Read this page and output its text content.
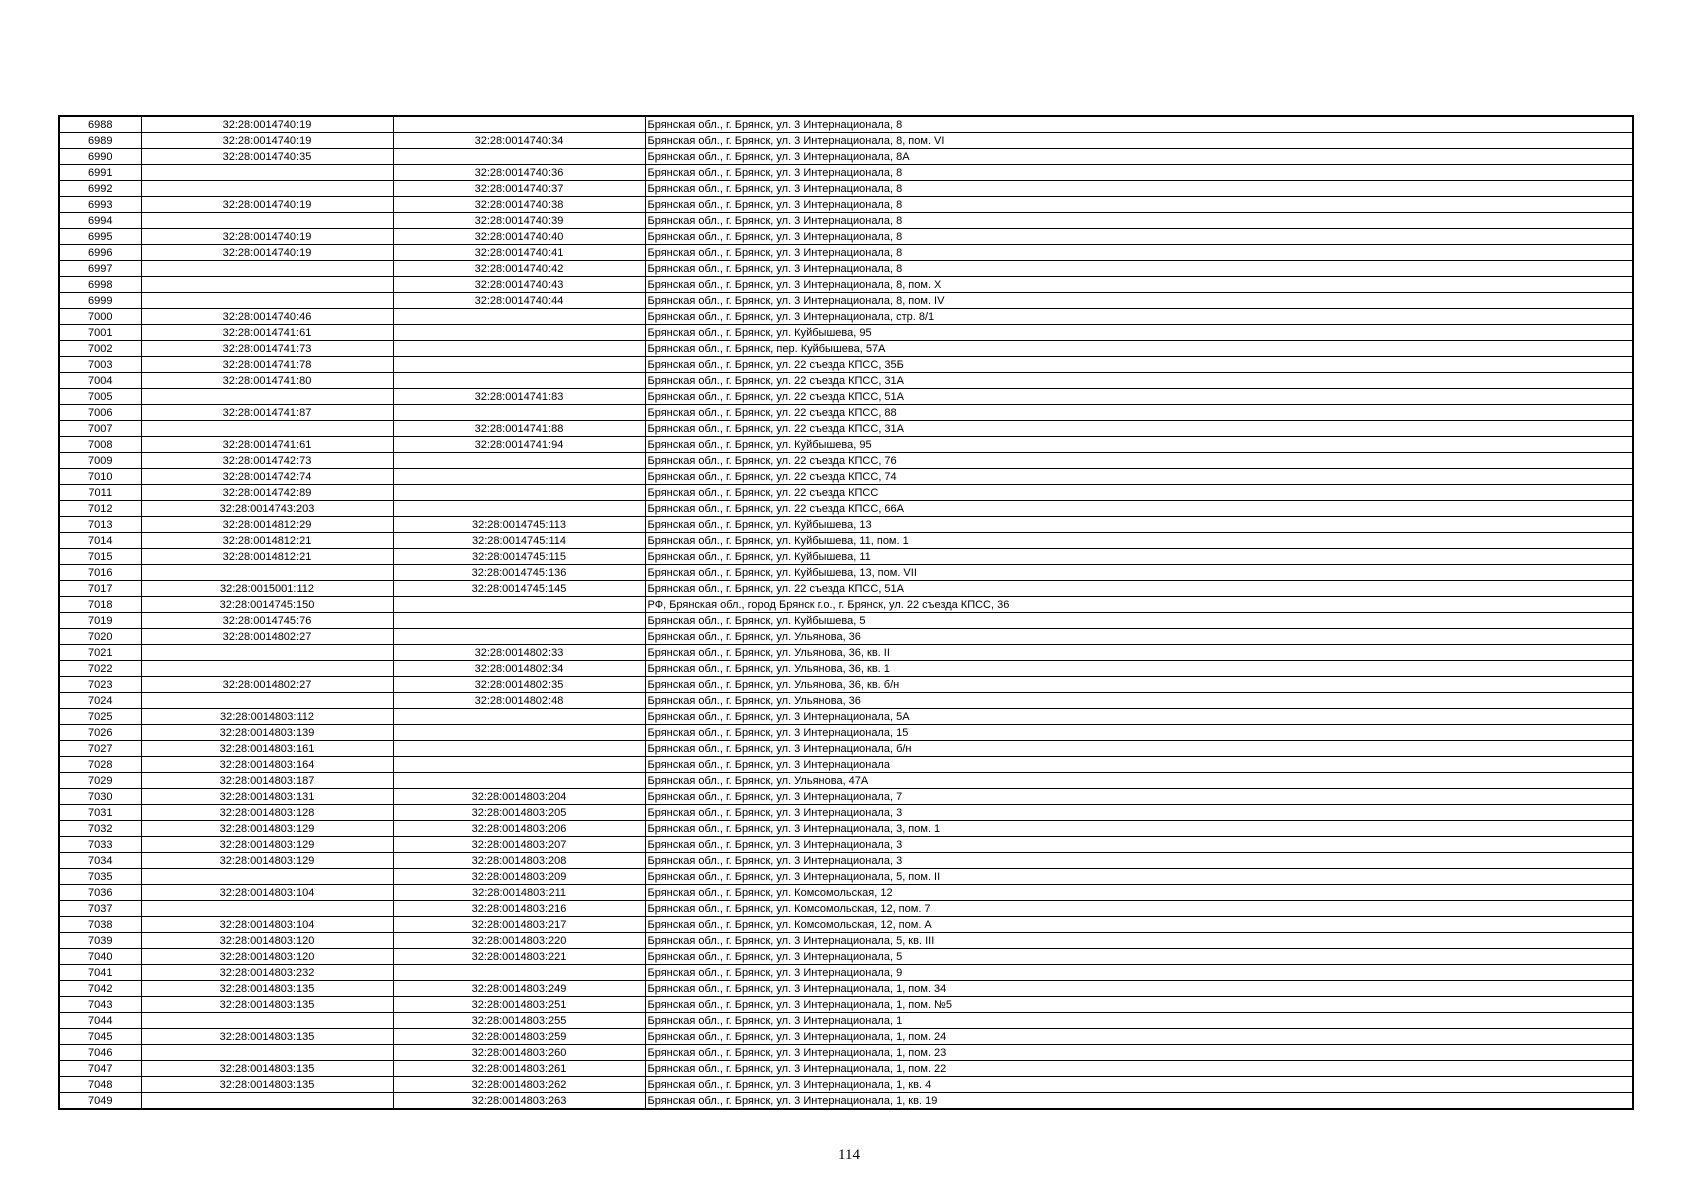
6988	32:28:0014740:19		Брянская обл., г. Брянск, ул. 3 Интернационала, 8
6989	32:28:0014740:19	32:28:0014740:34	Брянская обл., г. Брянск, ул. 3 Интернационала, 8, пом. VI
6990	32:28:0014740:35		Брянская обл., г. Брянск, ул. 3 Интернационала, 8А
6991		32:28:0014740:36	Брянская обл., г. Брянск, ул. 3 Интернационала, 8
6992		32:28:0014740:37	Брянская обл., г. Брянск, ул. 3 Интернационала, 8
6993	32:28:0014740:19	32:28:0014740:38	Брянская обл., г. Брянск, ул. 3 Интернационала, 8
6994		32:28:0014740:39	Брянская обл., г. Брянск, ул. 3 Интернационала, 8
6995	32:28:0014740:19	32:28:0014740:40	Брянская обл., г. Брянск, ул. 3 Интернационала, 8
6996	32:28:0014740:19	32:28:0014740:41	Брянская обл., г. Брянск, ул. 3 Интернационала, 8
6997		32:28:0014740:42	Брянская обл., г. Брянск, ул. 3 Интернационала, 8
6998		32:28:0014740:43	Брянская обл., г. Брянск, ул. 3 Интернационала, 8, пом. X
6999		32:28:0014740:44	Брянская обл., г. Брянск, ул. 3 Интернационала, 8, пом. IV
7000	32:28:0014740:46		Брянская обл., г. Брянск, ул. 3 Интернационала, стр. 8/1
7001	32:28:0014741:61		Брянская обл., г. Брянск, ул. Куйбышева, 95
7002	32:28:0014741:73		Брянская обл., г. Брянск, пер. Куйбышева, 57А
7003	32:28:0014741:78		Брянская обл., г. Брянск, ул. 22 съезда КПСС, 35Б
7004	32:28:0014741:80		Брянская обл., г. Брянск, ул. 22 съезда КПСС, 31А
7005		32:28:0014741:83	Брянская обл., г. Брянск, ул. 22 съезда КПСС, 51А
7006	32:28:0014741:87		Брянская обл., г. Брянск, ул. 22 съезда КПСС, 88
7007		32:28:0014741:88	Брянская обл., г. Брянск, ул. 22 съезда КПСС, 31А
7008	32:28:0014741:61	32:28:0014741:94	Брянская обл., г. Брянск, ул. Куйбышева, 95
7009	32:28:0014742:73		Брянская обл., г. Брянск, ул. 22 съезда КПСС, 76
7010	32:28:0014742:74		Брянская обл., г. Брянск, ул. 22 съезда КПСС, 74
7011	32:28:0014742:89		Брянская обл., г. Брянск, ул. 22 съезда КПСС
7012	32:28:0014743:203		Брянская обл., г. Брянск, ул. 22 съезда КПСС, 66А
7013	32:28:0014812:29	32:28:0014745:113	Брянская обл., г. Брянск, ул. Куйбышева, 13
7014	32:28:0014812:21	32:28:0014745:114	Брянская обл., г. Брянск, ул. Куйбышева, 11, пом. 1
7015	32:28:0014812:21	32:28:0014745:115	Брянская обл., г. Брянск, ул. Куйбышева, 11
7016		32:28:0014745:136	Брянская обл., г. Брянск, ул. Куйбышева, 13, пом. VII
7017	32:28:0015001:112	32:28:0014745:145	Брянская обл., г. Брянск, ул. 22 съезда КПСС, 51А
7018	32:28:0014745:150		РФ, Брянская обл., город Брянск г.о., г. Брянск, ул. 22 съезда КПСС, 36
7019	32:28:0014745:76		Брянская обл., г. Брянск, ул. Куйбышева, 5
7020	32:28:0014802:27		Брянская обл., г. Брянск, ул. Ульянова, 36
7021		32:28:0014802:33	Брянская обл., г. Брянск, ул. Ульянова, 36, кв. II
7022		32:28:0014802:34	Брянская обл., г. Брянск, ул. Ульянова, 36, кв. 1
7023	32:28:0014802:27	32:28:0014802:35	Брянская обл., г. Брянск, ул. Ульянова, 36, кв. б/н
7024		32:28:0014802:48	Брянская обл., г. Брянск, ул. Ульянова, 36
7025	32:28:0014803:112		Брянская обл., г. Брянск, ул. 3 Интернационала, 5А
7026	32:28:0014803:139		Брянская обл., г. Брянск, ул. 3 Интернационала, 15
7027	32:28:0014803:161		Брянская обл., г. Брянск, ул. 3 Интернационала, б/н
7028	32:28:0014803:164		Брянская обл., г. Брянск, ул. 3 Интернационала
7029	32:28:0014803:187		Брянская обл., г. Брянск, ул. Ульянова, 47А
7030	32:28:0014803:131	32:28:0014803:204	Брянская обл., г. Брянск, ул. 3 Интернационала, 7
7031	32:28:0014803:128	32:28:0014803:205	Брянская обл., г. Брянск, ул. 3 Интернационала, 3
7032	32:28:0014803:129	32:28:0014803:206	Брянская обл., г. Брянск, ул. 3 Интернационала, 3, пом. 1
7033	32:28:0014803:129	32:28:0014803:207	Брянская обл., г. Брянск, ул. 3 Интернационала, 3
7034	32:28:0014803:129	32:28:0014803:208	Брянская обл., г. Брянск, ул. 3 Интернационала, 3
7035		32:28:0014803:209	Брянская обл., г. Брянск, ул. 3 Интернационала, 5, пом. II
7036	32:28:0014803:104	32:28:0014803:211	Брянская обл., г. Брянск, ул. Комсомольская, 12
7037		32:28:0014803:216	Брянская обл., г. Брянск, ул. Комсомольская, 12, пом. 7
7038	32:28:0014803:104	32:28:0014803:217	Брянская обл., г. Брянск, ул. Комсомольская, 12, пом. А
7039	32:28:0014803:120	32:28:0014803:220	Брянская обл., г. Брянск, ул. 3 Интернационала, 5, кв. III
7040	32:28:0014803:120	32:28:0014803:221	Брянская обл., г. Брянск, ул. 3 Интернационала, 5
7041	32:28:0014803:232		Брянская обл., г. Брянск, ул. 3 Интернационала, 9
7042	32:28:0014803:135	32:28:0014803:249	Брянская обл., г. Брянск, ул. 3 Интернационала, 1, пом. 34
7043	32:28:0014803:135	32:28:0014803:251	Брянская обл., г. Брянск, ул. 3 Интернационала, 1, пом. №5
7044		32:28:0014803:255	Брянская обл., г. Брянск, ул. 3 Интернационала, 1
7045	32:28:0014803:135	32:28:0014803:259	Брянская обл., г. Брянск, ул. 3 Интернационала, 1, пом. 24
7046		32:28:0014803:260	Брянская обл., г. Брянск, ул. 3 Интернационала, 1, пом. 23
7047	32:28:0014803:135	32:28:0014803:261	Брянская обл., г. Брянск, ул. 3 Интернационала, 1, пом. 22
7048	32:28:0014803:135	32:28:0014803:262	Брянская обл., г. Брянск, ул. 3 Интернационала, 1, кв. 4
7049		32:28:0014803:263	Брянская обл., г. Брянск, ул. 3 Интернационала, 1, кв. 19
114
